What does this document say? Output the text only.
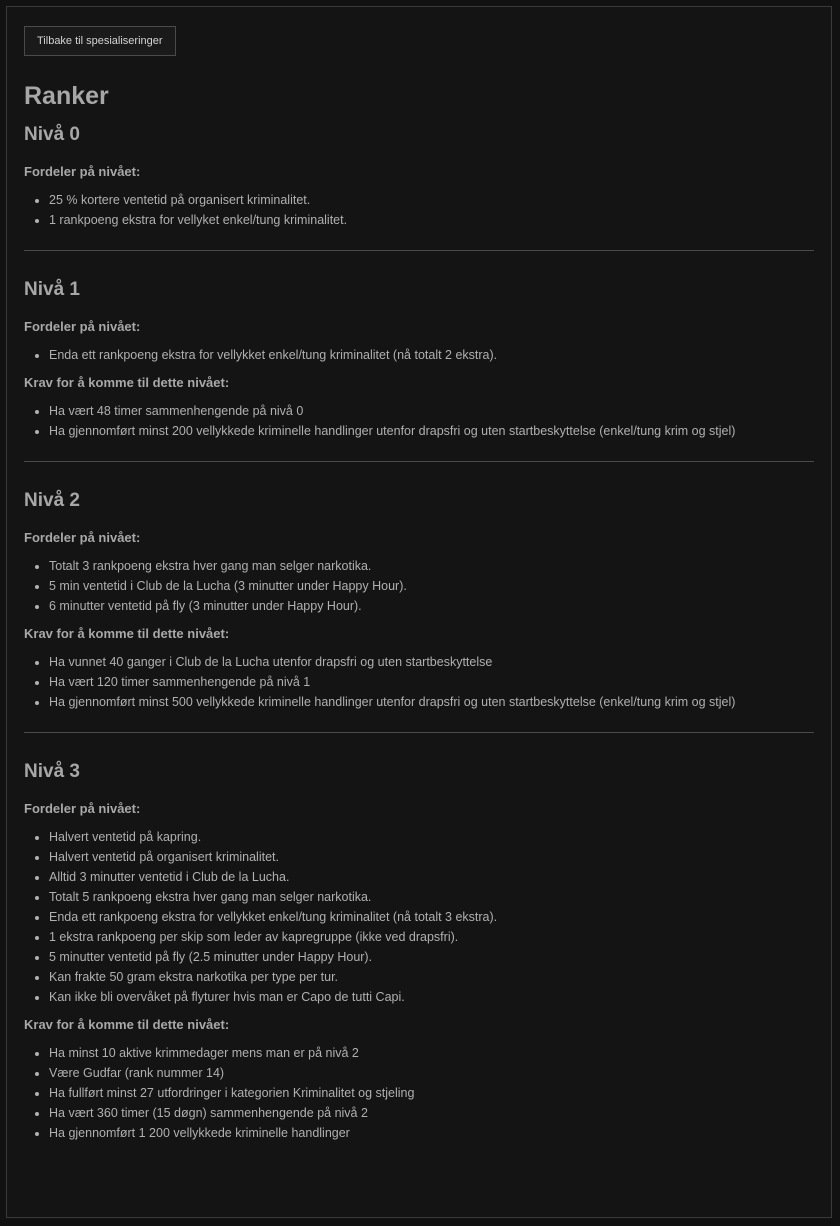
Tilbake til spesialiseringer
Ranker
Nivå 0
Fordeler på nivået:
• 25 % kortere ventetid på organisert kriminalitet.
• 1 rankpoeng ekstra for vellyket enkel/tung kriminalitet.
Nivå 1
Fordeler på nivået:
• Enda ett rankpoeng ekstra for vellykket enkel/tung kriminalitet (nå totalt 2 ekstra).
Krav for å komme til dette nivået:
• Ha vært 48 timer sammenhengende på nivå 0
• Ha gjennomført minst 200 vellykkede kriminelle handlinger utenfor drapsfri og uten startbeskyttelse (enkel/tung krim og stjel)
Nivå 2
Fordeler på nivået:
• Totalt 3 rankpoeng ekstra hver gang man selger narkotika.
• 5 min ventetid i Club de la Lucha (3 minutter under Happy Hour).
• 6 minutter ventetid på fly (3 minutter under Happy Hour).
Krav for å komme til dette nivået:
• Ha vunnet 40 ganger i Club de la Lucha utenfor drapsfri og uten startbeskyttelse
• Ha vært 120 timer sammenhengende på nivå 1
• Ha gjennomført minst 500 vellykkede kriminelle handlinger utenfor drapsfri og uten startbeskyttelse (enkel/tung krim og stjel)
Nivå 3
Fordeler på nivået:
• Halvert ventetid på kapring.
• Halvert ventetid på organisert kriminalitet.
• Alltid 3 minutter ventetid i Club de la Lucha.
• Totalt 5 rankpoeng ekstra hver gang man selger narkotika.
• Enda ett rankpoeng ekstra for vellykket enkel/tung kriminalitet (nå totalt 3 ekstra).
• 1 ekstra rankpoeng per skip som leder av kapregruppe (ikke ved drapsfri).
• 5 minutter ventetid på fly (2.5 minutter under Happy Hour).
• Kan frakte 50 gram ekstra narkotika per type per tur.
• Kan ikke bli overvåket på flyturer hvis man er Capo de tutti Capi.
Krav for å komme til dette nivået:
• Ha minst 10 aktive krimmedager mens man er på nivå 2
• Være Gudfar (rank nummer 14)
• Ha fullført minst 27 utfordringer i kategorien Kriminalitet og stjeling
• Ha vært 360 timer (15 døgn) sammenhengende på nivå 2
• Ha gjennomført 1 200 vellykkede kriminelle handlinger
